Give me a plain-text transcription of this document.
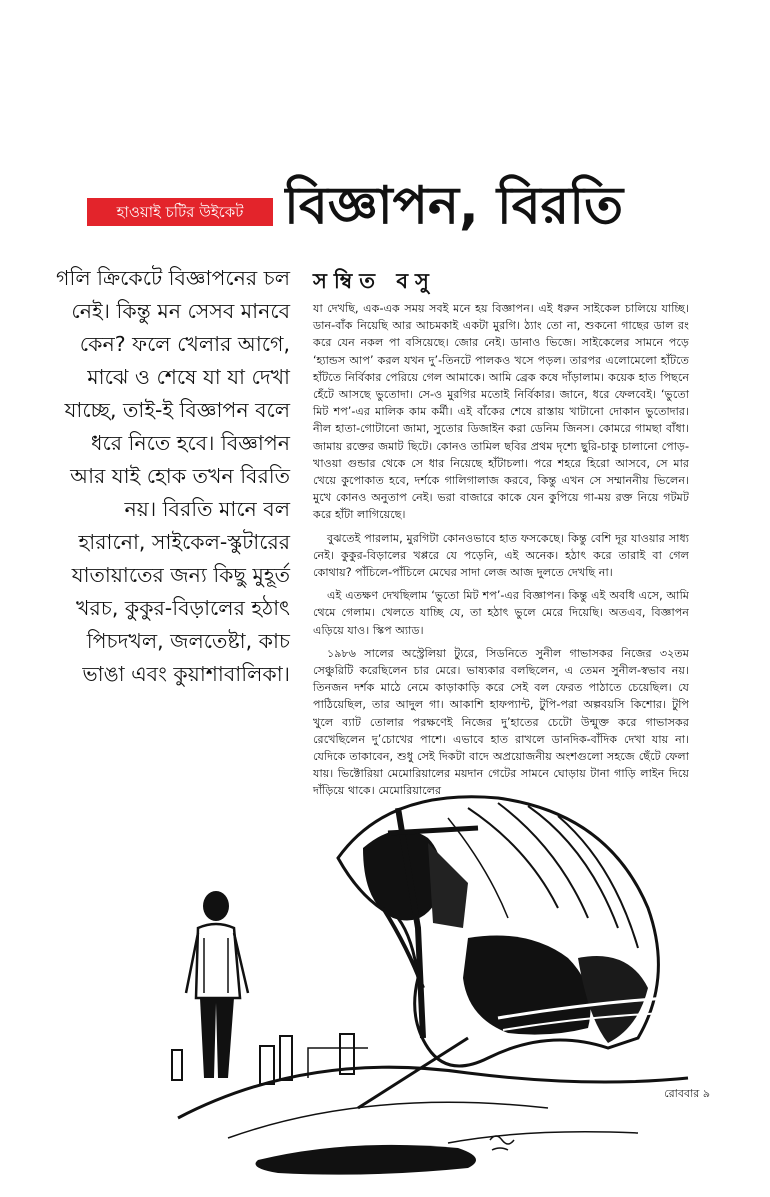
হাওয়াই চটির উইকেট বিজ্ঞাপন, বিরতি
সম্বিত বসু

গলি ক্রিকেটে বিজ্ঞাপনের চল নেই। কিন্তু মন সেসব মানবে কেন? ফলে খেলার আগে, মাঝে ও শেষে যা যা দেখা যাচ্ছে, তাই-ই বিজ্ঞাপন বলে ধরে নিতে হবে। বিজ্ঞাপন আর যাই হোক তখন বিরতি নয়। বিরতি মানে বল হারানো, সাইকেল-স্কুটারের যাতায়াতের জন্য কিছু মুহূর্ত খরচ, কুকুর-বিড়ালের হঠাৎ পিচদখল, জলতেষ্টা, কাচ ভাঙা এবং কুয়াশাবালিকা।

যা দেখছি, এক-এক সময় সবই মনে হয় বিজ্ঞাপন। এই ধরুন সাইকেল চালিয়ে যাচ্ছি। ডান-বাঁক নিয়েছি আর আচমকাই একটা মুরগি। ঠ্যাং তো না, শুকনো গাছের ডাল রং করে যেন নকল পা বসিয়েছে। জোর নেই। ডানাও ভিজে। সাইকেলের সামনে পড়ে ‘হ্যান্ডস আপ’ করল যখন দু’-তিনটে পালকও খসে পড়ল। তারপর এলোমেলো হাঁটতে হাঁটতে নির্বিকার পেরিয়ে গেল আমাকে। আমি ব্রেক কষে দাঁড়ালাম। কয়েক হাত পিছনে হেঁটে আসছে ভুতোদা। সে-ও মুরগির মতোই নির্বিকার। জানে, ধরে ফেলবেই। ‘ভুতো মিট শপ’-এর মালিক কাম কর্মী। এই বাঁকের শেষে রাস্তায় খাটানো দোকান ভুতোদার। নীল হাতা-গোটানো জামা, সুতোর ডিজাইন করা ডেনিম জিনস। কোমরে গামছা বাঁধা। জামায় রক্তের জমাট ছিটে। কোনও তামিল ছবির প্রথম দৃশ্যে ছুরি-চাকু চালানো পোড়-খাওয়া গুন্ডার থেকে সে ধার নিয়েছে হাঁটাচলা। পরে শহরে হিরো আসবে, সে মার খেয়ে কুপোকাত হবে, দর্শকে গালিগালাজ করবে, কিন্তু এখন সে সম্মাননীয় ভিলেন। মুখে কোনও অনুতাপ নেই। ভরা বাজারে কাকে যেন কুপিয়ে গা-ময় রক্ত নিয়ে গটমট করে হাঁটা লাগিয়েছে।

বুঝতেই পারলাম, মুরগিটা কোনওভাবে হাত ফসকেছে। কিন্তু বেশি দূর যাওয়ার সাধ্য নেই। কুকুর-বিড়ালের খপ্পরে যে পড়েনি, এই অনেক। হঠাৎ করে তারাই বা গেল কোথায়? পাঁচিলে-পাঁচিলে মেঘের সাদা লেজ আজ দুলতে দেখছি না।

এই এতক্ষণ দেখছিলাম ‘ভুতো মিট শপ’-এর বিজ্ঞাপন। কিন্তু এই অবধি এসে, আমি থেমে গেলাম। খেলতে যাচ্ছি যে, তা হঠাৎ ভুলে মেরে দিয়েছি। অতএব, বিজ্ঞাপন এড়িয়ে যাও। স্কিপ অ্যাড।

১৯৮৬ সালের অস্ট্রেলিয়া ট্যুরে, সিডনিতে সুনীল গাভাসকর নিজের ৩২তম সেঞ্চুরিটি করেছিলেন চার মেরে। ভাষ্যকার বলছিলেন, এ তেমন সুনীল-স্বভাব নয়। তিনজন দর্শক মাঠে নেমে কাড়াকাড়ি করে সেই বল ফেরত পাঠাতে চেয়েছিল। যে পাঠিয়েছিল, তার আদুল গা। আকাশি হাফপ্যান্ট, টুপি-পরা অল্পবয়সি কিশোর। টুপি খুলে ব্যাট তোলার পরক্ষণেই নিজের দু’হাতের চেটো উন্মুক্ত করে গাভাসকর রেখেছিলেন দু’চোখের পাশে। এভাবে হাত রাখলে ডানদিক-বাঁদিক দেখা যায় না। যেদিকে তাকাবেন, শুধু সেই দিকটা বাদে অপ্রয়োজনীয় অংশগুলো সহজে ছেঁটে ফেলা যায়। ভিক্টোরিয়া মেমোরিয়ালের ময়দান গেটের সামনে ঘোড়ায় টানা গাড়ি লাইন দিয়ে দাঁড়িয়ে থাকে। মেমোরিয়ালের

রোববার ৯
